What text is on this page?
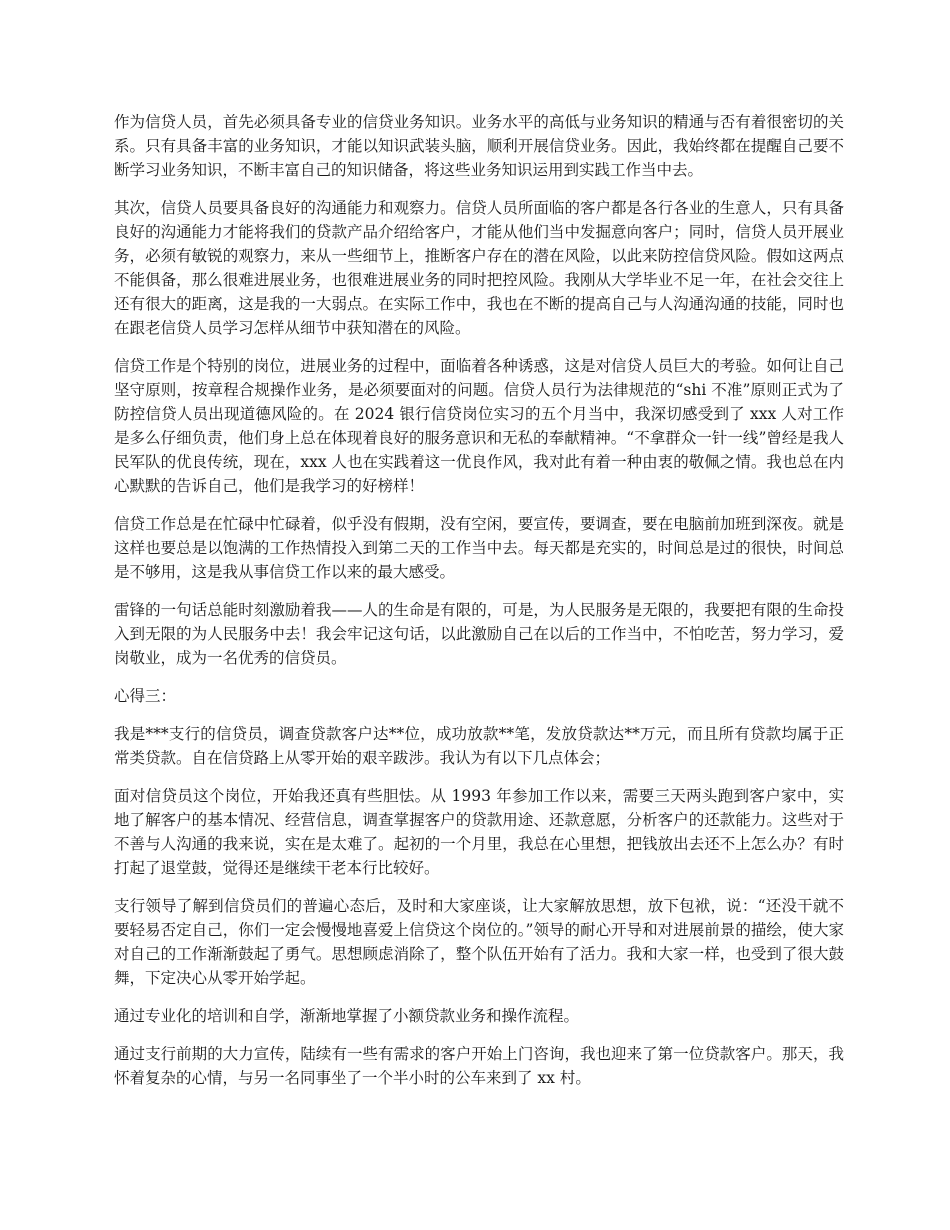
作为信贷人员，首先必须具备专业的信贷业务知识。业务水平的高低与业务知识的精通与否有着很密切的关系。只有具备丰富的业务知识，才能以知识武装头脑，顺利开展信贷业务。因此，我始终都在提醒自己要不断学习业务知识，不断丰富自己的知识储备，将这些业务知识运用到实践工作当中去。

其次，信贷人员要具备良好的沟通能力和观察力。信贷人员所面临的客户都是各行各业的生意人，只有具备良好的沟通能力才能将我们的贷款产品介绍给客户，才能从他们当中发掘意向客户；同时，信贷人员开展业务，必须有敏锐的观察力，来从一些细节上，推断客户存在的潜在风险，以此来防控信贷风险。假如这两点不能俱备，那么很难进展业务，也很难进展业务的同时把控风险。我刚从大学毕业不足一年，在社会交往上还有很大的距离，这是我的一大弱点。在实际工作中，我也在不断的提高自己与人沟通沟通的技能，同时也在跟老信贷人员学习怎样从细节中获知潜在的风险。

信贷工作是个特别的岗位，进展业务的过程中，面临着各种诱惑，这是对信贷人员巨大的考验。如何让自己坚守原则，按章程合规操作业务，是必须要面对的问题。信贷人员行为法律规范的“shi 不准”原则正式为了防控信贷人员出现道德风险的。在 2024 银行信贷岗位实习的五个月当中，我深切感受到了 xxx 人对工作是多么仔细负责，他们身上总在体现着良好的服务意识和无私的奉献精神。“不拿群众一针一线”曾经是我人民军队的优良传统，现在，xxx 人也在实践着这一优良作风，我对此有着一种由衷的敬佩之情。我也总在内心默默的告诉自己，他们是我学习的好榜样！

信贷工作总是在忙碌中忙碌着，似乎没有假期，没有空闲，要宣传，要调查，要在电脑前加班到深夜。就是这样也要总是以饱满的工作热情投入到第二天的工作当中去。每天都是充实的，时间总是过的很快，时间总是不够用，这是我从事信贷工作以来的最大感受。

雷锋的一句话总能时刻激励着我——人的生命是有限的，可是，为人民服务是无限的，我要把有限的生命投入到无限的为人民服务中去！我会牢记这句话，以此激励自己在以后的工作当中，不怕吃苦，努力学习，爱岗敬业，成为一名优秀的信贷员。

心得三：

我是***支行的信贷员，调查贷款客户达**位，成功放款**笔，发放贷款达**万元，而且所有贷款均属于正常类贷款。自在信贷路上从零开始的艰辛跋涉。我认为有以下几点体会；

面对信贷员这个岗位，开始我还真有些胆怯。从 1993 年参加工作以来，需要三天两头跑到客户家中，实地了解客户的基本情况、经营信息，调查掌握客户的贷款用途、还款意愿，分析客户的还款能力。这些对于不善与人沟通的我来说，实在是太难了。起初的一个月里，我总在心里想，把钱放出去还不上怎么办？有时打起了退堂鼓，觉得还是继续干老本行比较好。

支行领导了解到信贷员们的普遍心态后，及时和大家座谈，让大家解放思想，放下包袱，说：“还没干就不要轻易否定自己，你们一定会慢慢地喜爱上信贷这个岗位的。”领导的耐心开导和对进展前景的描绘，使大家对自己的工作渐渐鼓起了勇气。思想顾虑消除了，整个队伍开始有了活力。我和大家一样，也受到了很大鼓舞，下定决心从零开始学起。

通过专业化的培训和自学，渐渐地掌握了小额贷款业务和操作流程。

通过支行前期的大力宣传，陆续有一些有需求的客户开始上门咨询，我也迎来了第一位贷款客户。那天，我怀着复杂的心情，与另一名同事坐了一个半小时的公车来到了 xx 村。
